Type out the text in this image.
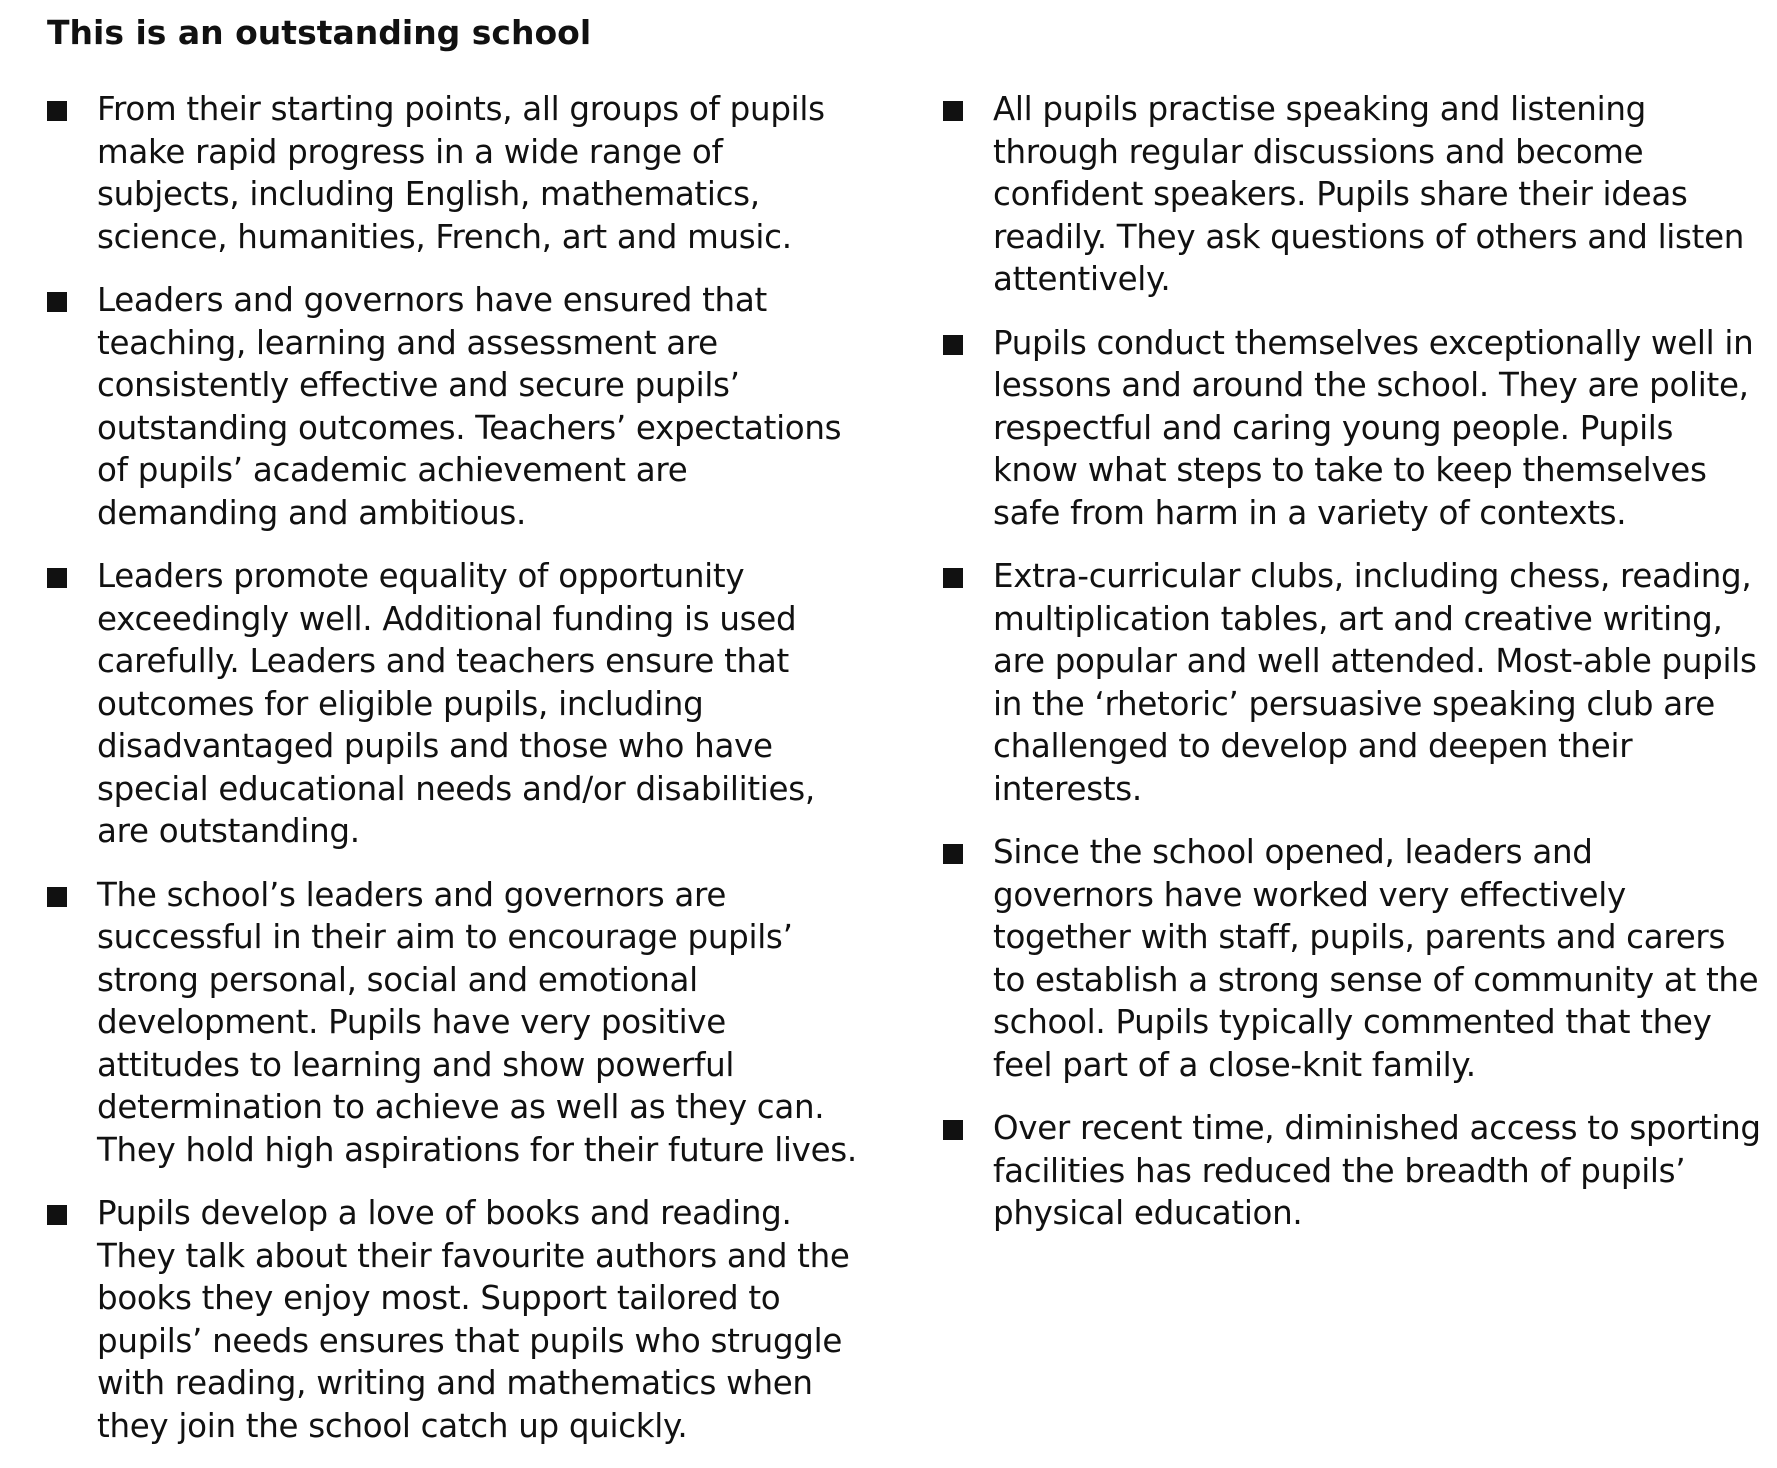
This is an outstanding school
From their starting points, all groups of pupils
make rapid progress in a wide range of
subjects, including English, mathematics,
science, humanities, French, art and music.
Leaders and governors have ensured that
teaching, learning and assessment are
consistently effective and secure pupils’
outstanding outcomes. Teachers’ expectations
of pupils’ academic achievement are
demanding and ambitious.
Leaders promote equality of opportunity
exceedingly well. Additional funding is used
carefully. Leaders and teachers ensure that
outcomes for eligible pupils, including
disadvantaged pupils and those who have
special educational needs and/or disabilities,
are outstanding.
The school’s leaders and governors are
successful in their aim to encourage pupils’
strong personal, social and emotional
development. Pupils have very positive
attitudes to learning and show powerful
determination to achieve as well as they can.
They hold high aspirations for their future lives.
Pupils develop a love of books and reading.
They talk about their favourite authors and the
books they enjoy most. Support tailored to
pupils’ needs ensures that pupils who struggle
with reading, writing and mathematics when
they join the school catch up quickly.
All pupils practise speaking and listening
through regular discussions and become
confident speakers. Pupils share their ideas
readily. They ask questions of others and listen
attentively.
Pupils conduct themselves exceptionally well in
lessons and around the school. They are polite,
respectful and caring young people. Pupils
know what steps to take to keep themselves
safe from harm in a variety of contexts.
Extra-curricular clubs, including chess, reading,
multiplication tables, art and creative writing,
are popular and well attended. Most-able pupils
in the ‘rhetoric’ persuasive speaking club are
challenged to develop and deepen their
interests.
Since the school opened, leaders and
governors have worked very effectively
together with staff, pupils, parents and carers
to establish a strong sense of community at the
school. Pupils typically commented that they
feel part of a close-knit family.
Over recent time, diminished access to sporting
facilities has reduced the breadth of pupils’
physical education.
